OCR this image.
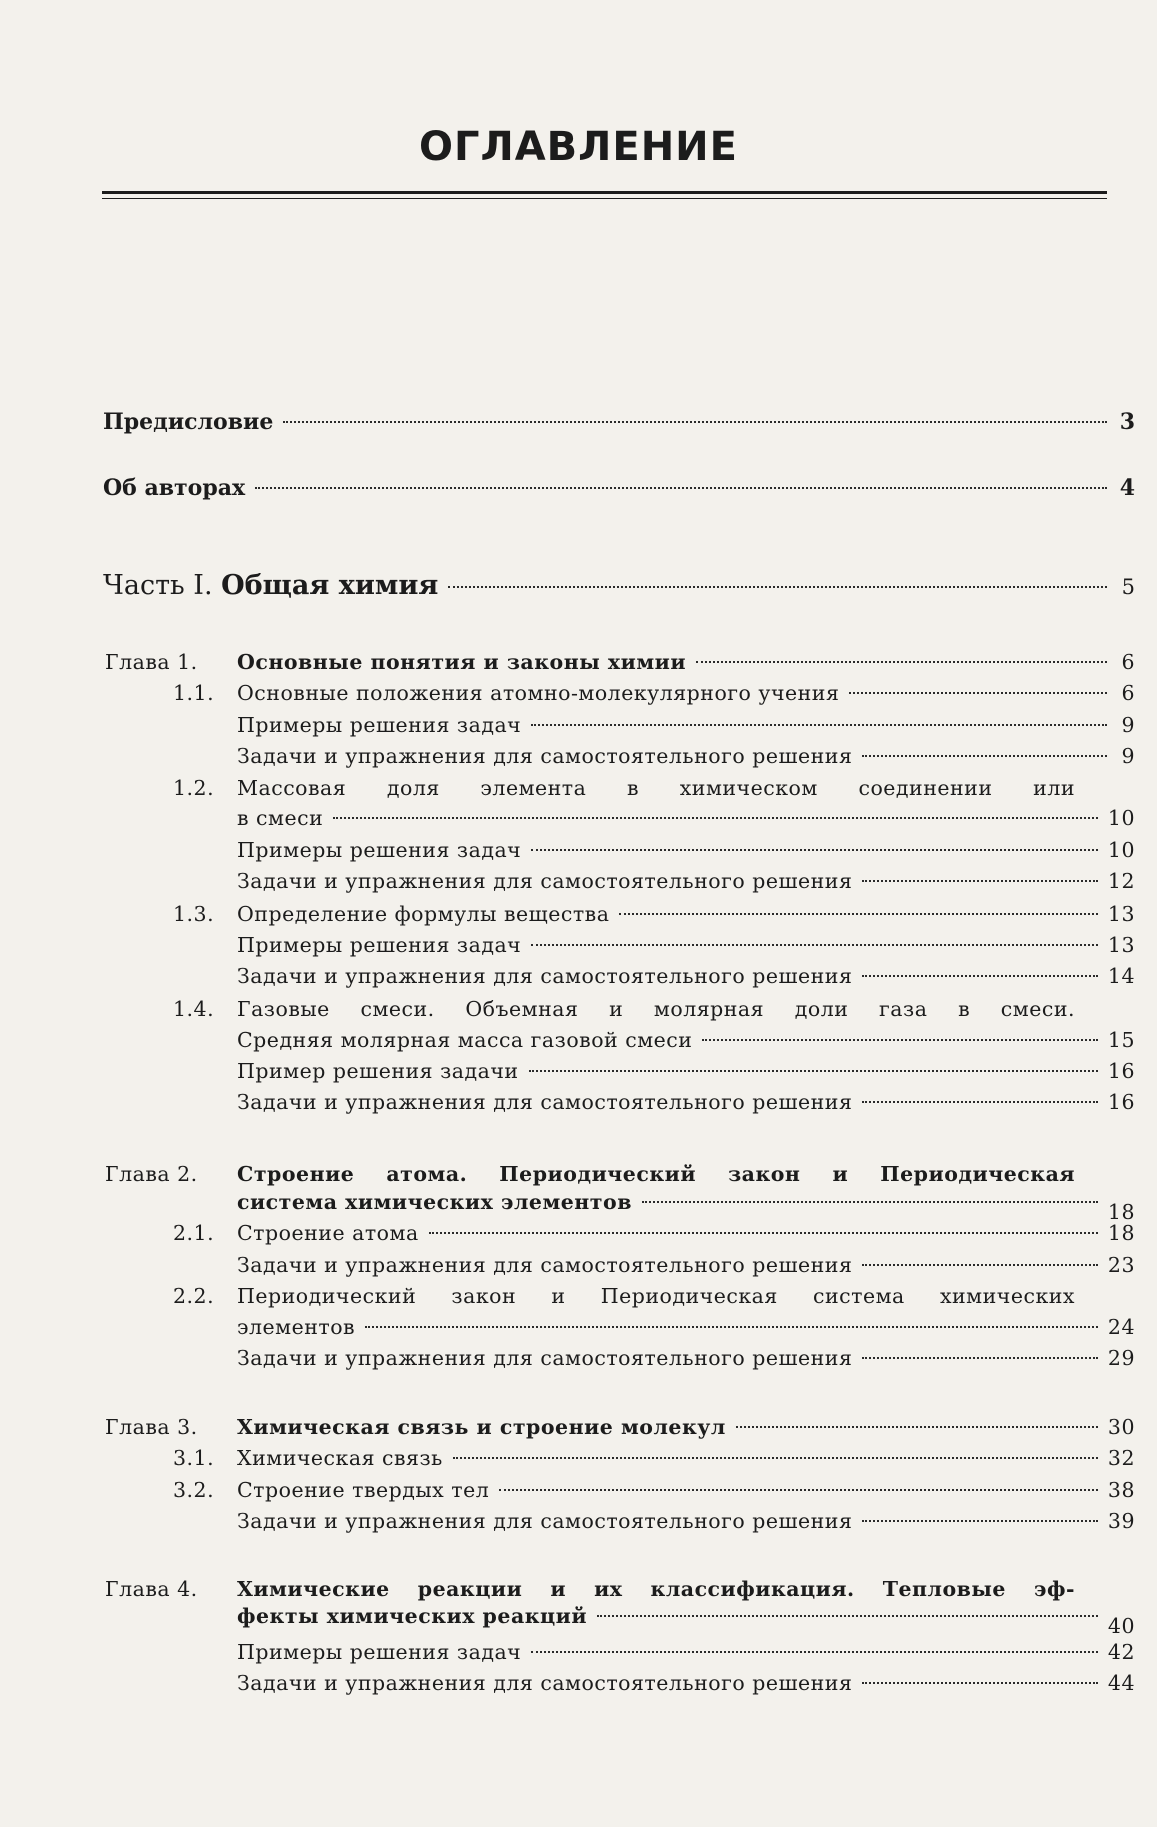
ОГЛАВЛЕНИЕ
Предисловие	3
Об авторах	4
Часть I. Общая химия	5
Глава 1. Основные понятия и законы химии	6
1.1. Основные положения атомно-молекулярного учения	6
Примеры решения задач	9
Задачи и упражнения для самостоятельного решения	9
1.2. Массовая доля элемента в химическом соединении или
в смеси	10
Примеры решения задач	10
Задачи и упражнения для самостоятельного решения	12
1.3. Определение формулы вещества	13
Примеры решения задач	13
Задачи и упражнения для самостоятельного решения	14
1.4. Газовые смеси. Объемная и молярная доли газа в смеси.
Средняя молярная масса газовой смеси	15
Пример решения задачи	16
Задачи и упражнения для самостоятельного решения	16
Глава 2. Строение атома. Периодический закон и Периодическая
система химических элементов	18
2.1. Строение атома	18
Задачи и упражнения для самостоятельного решения	23
2.2. Периодический закон и Периодическая система химических
элементов	24
Задачи и упражнения для самостоятельного решения	29
Глава 3. Химическая связь и строение молекул	30
3.1. Химическая связь	32
3.2. Строение твердых тел	38
Задачи и упражнения для самостоятельного решения	39
Глава 4. Химические реакции и их классификация. Тепловые эф-
фекты химических реакций	40
Примеры решения задач	42
Задачи и упражнения для самостоятельного решения	44
